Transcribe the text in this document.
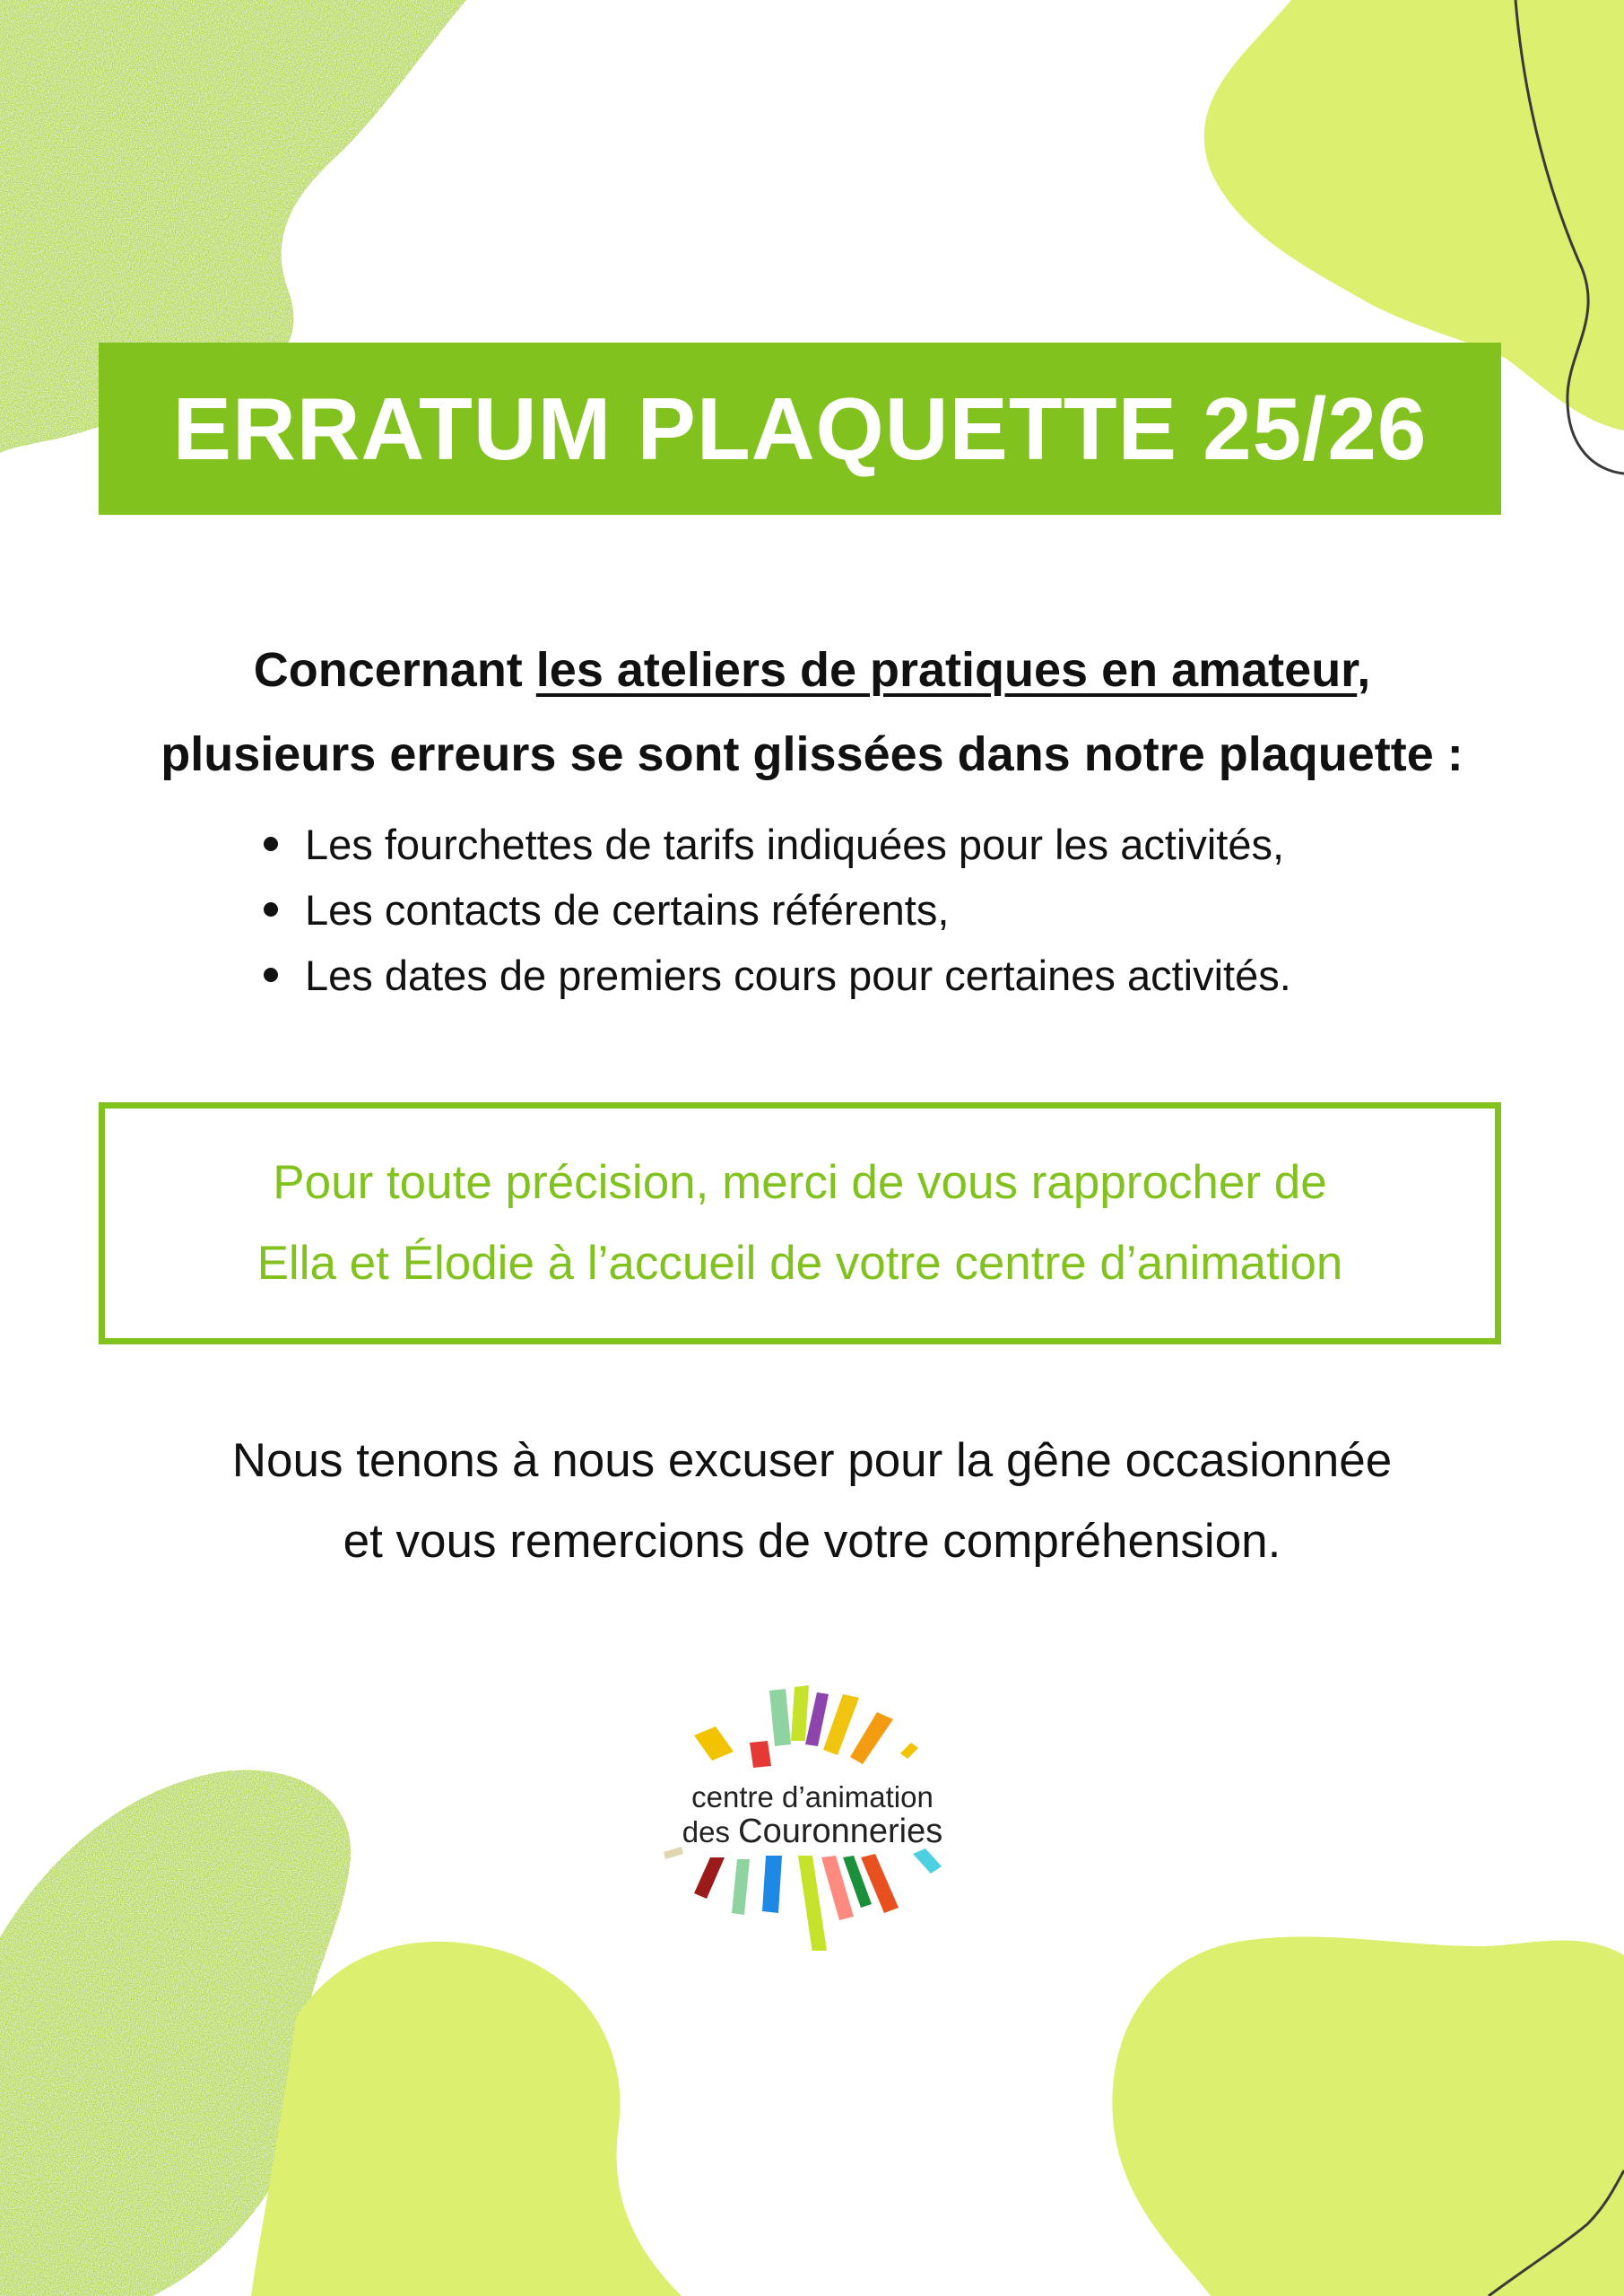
ERRATUM PLAQUETTE 25/26
Concernant les ateliers de pratiques en amateur,
plusieurs erreurs se sont glissées dans notre plaquette :
Les fourchettes de tarifs indiquées pour les activités,
Les contacts de certains référents,
Les dates de premiers cours pour certaines activités.
Pour toute précision, merci de vous rapprocher de
Ella et Élodie à l’accueil de votre centre d’animation
Nous tenons à nous excuser pour la gêne occasionnée
et vous remercions de votre compréhension.
centre d’animation
des Couronneries
